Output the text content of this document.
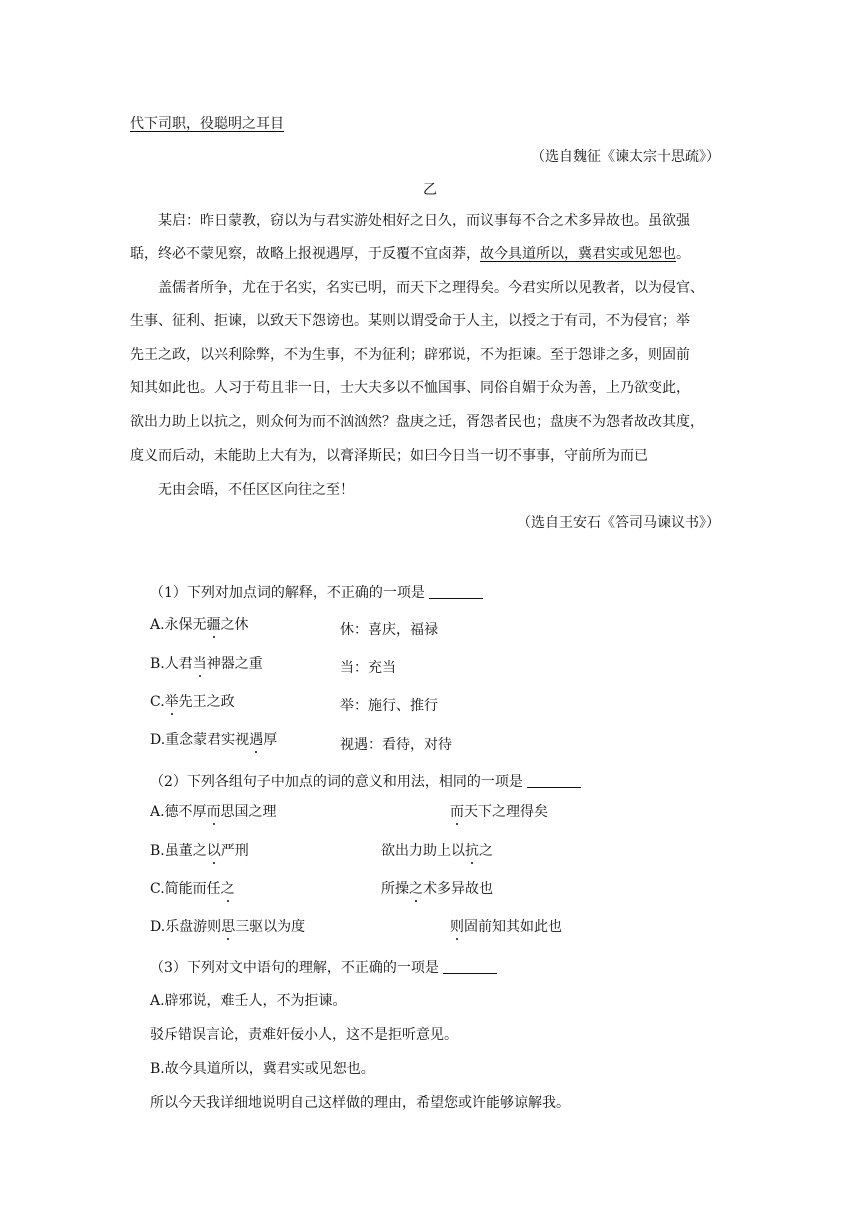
代下司职，役聪明之耳目
（选自魏征《谏太宗十思疏》）
乙
某启：昨日蒙教，窃以为与君实游处相好之日久，而议事每不合之术多异故也。虽欲强
聒，终必不蒙见察，故略上报视遇厚，于反覆不宜卤莽，故今具道所以，冀君实或见恕也。
盖儒者所争，尤在于名实，名实已明，而天下之理得矣。今君实所以见教者，以为侵官、
生事、征利、拒谏，以致天下怨谤也。某则以谓受命于人主，以授之于有司，不为侵官；举
先王之政，以兴利除弊，不为生事，不为征利；辟邪说，不为拒谏。至于怨诽之多，则固前
知其如此也。人习于苟且非一日，士大夫多以不恤国事、同俗自媚于众为善，上乃欲变此，
欲出力助上以抗之，则众何为而不汹汹然？盘庚之迁，胥怨者民也；盘庚不为怨者故改其度，
度义而后动，未能助上大有为，以膏泽斯民；如曰今日当一切不事事，守前所为而已
无由会晤，不任区区向往之至！
（选自王安石《答司马谏议书》）
（1）下列对加点词的解释，不正确的一项是
A.永保无疆之休	休：喜庆，福禄
B.人君当神器之重	当：充当
C.举先王之政	举：施行、推行
D.重念蒙君实视遇厚	视遇：看待，对待
（2）下列各组句子中加点的词的意义和用法，相同的一项是
A.德不厚而思国之理	而天下之理得矣
B.虽董之以严刑	欲出力助上以抗之
C.简能而任之	所操之术多异故也
D.乐盘游则思三驱以为度	则固前知其如此也
（3）下列对文中语句的理解，不正确的一项是
A.辟邪说，难壬人，不为拒谏。
驳斥错误言论，责难奸佞小人，这不是拒听意见。
B.故今具道所以，冀君实或见恕也。
所以今天我详细地说明自己这样做的理由，希望您或许能够谅解我。
